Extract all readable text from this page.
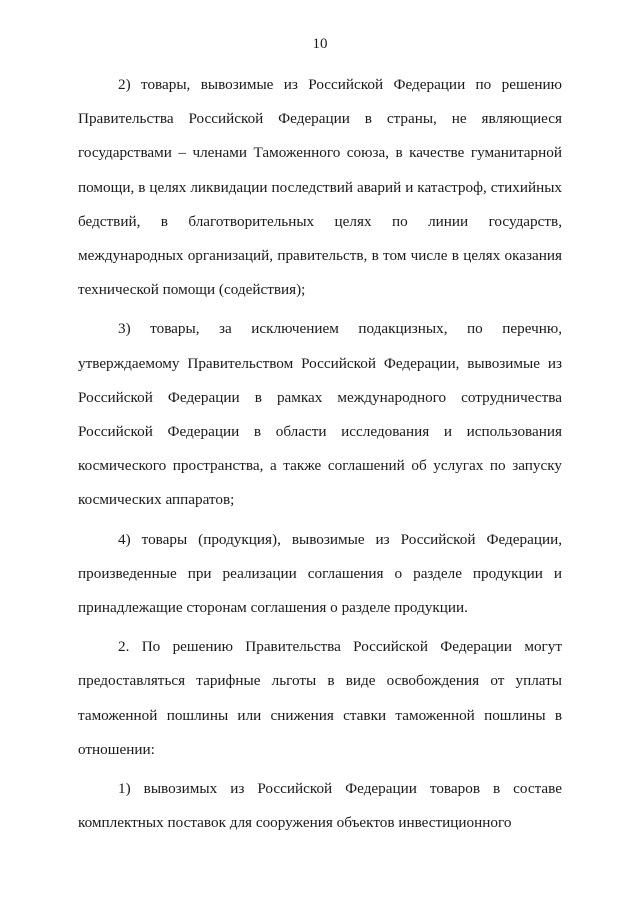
10

2) товары, вывозимые из Российской Федерации по решению Правительства Российской Федерации в страны, не являющиеся государствами – членами Таможенного союза, в качестве гуманитарной помощи, в целях ликвидации последствий аварий и катастроф, стихийных бедствий, в благотворительных целях по линии государств, международных организаций, правительств, в том числе в целях оказания технической помощи (содействия);

3) товары, за исключением подакцизных, по перечню, утверждаемому Правительством Российской Федерации, вывозимые из Российской Федерации в рамках международного сотрудничества Российской Федерации в области исследования и использования космического пространства, а также соглашений об услугах по запуску космических аппаратов;

4) товары (продукция), вывозимые из Российской Федерации, произведенные при реализации соглашения о разделе продукции и принадлежащие сторонам соглашения о разделе продукции.

2. По решению Правительства Российской Федерации могут предоставляться тарифные льготы в виде освобождения от уплаты таможенной пошлины или снижения ставки таможенной пошлины в отношении:

1) вывозимых из Российской Федерации товаров в составе комплектных поставок для сооружения объектов инвестиционного
